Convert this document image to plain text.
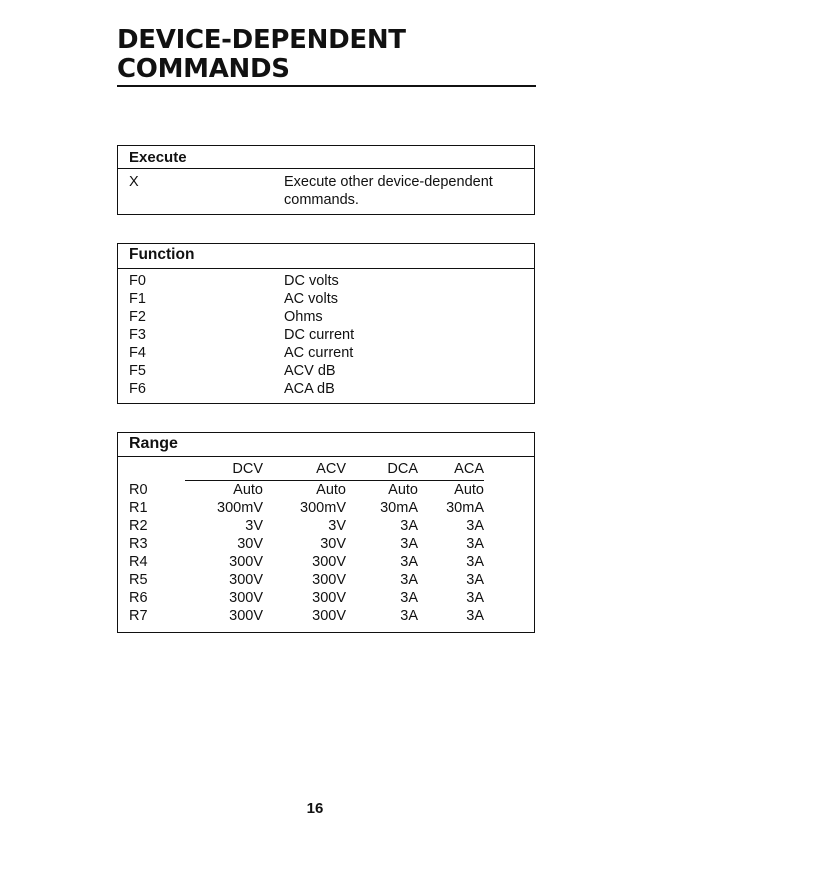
DEVICE-DEPENDENT
COMMANDS
Execute
X	Execute other device-dependent commands.
Function
F0	DC volts
F1	AC volts
F2	Ohms
F3	DC current
F4	AC current
F5	ACV dB
F6	ACA dB
Range
	DCV	ACV	DCA	ACA

R0	Auto	Auto	Auto	Auto
R1	300mV	300mV	30mA	30mA
R2	3V	3V	3A	3A
R3	30V	30V	3A	3A
R4	300V	300V	3A	3A
R5	300V	300V	3A	3A
R6	300V	300V	3A	3A
R7	300V	300V	3A	3A
16
